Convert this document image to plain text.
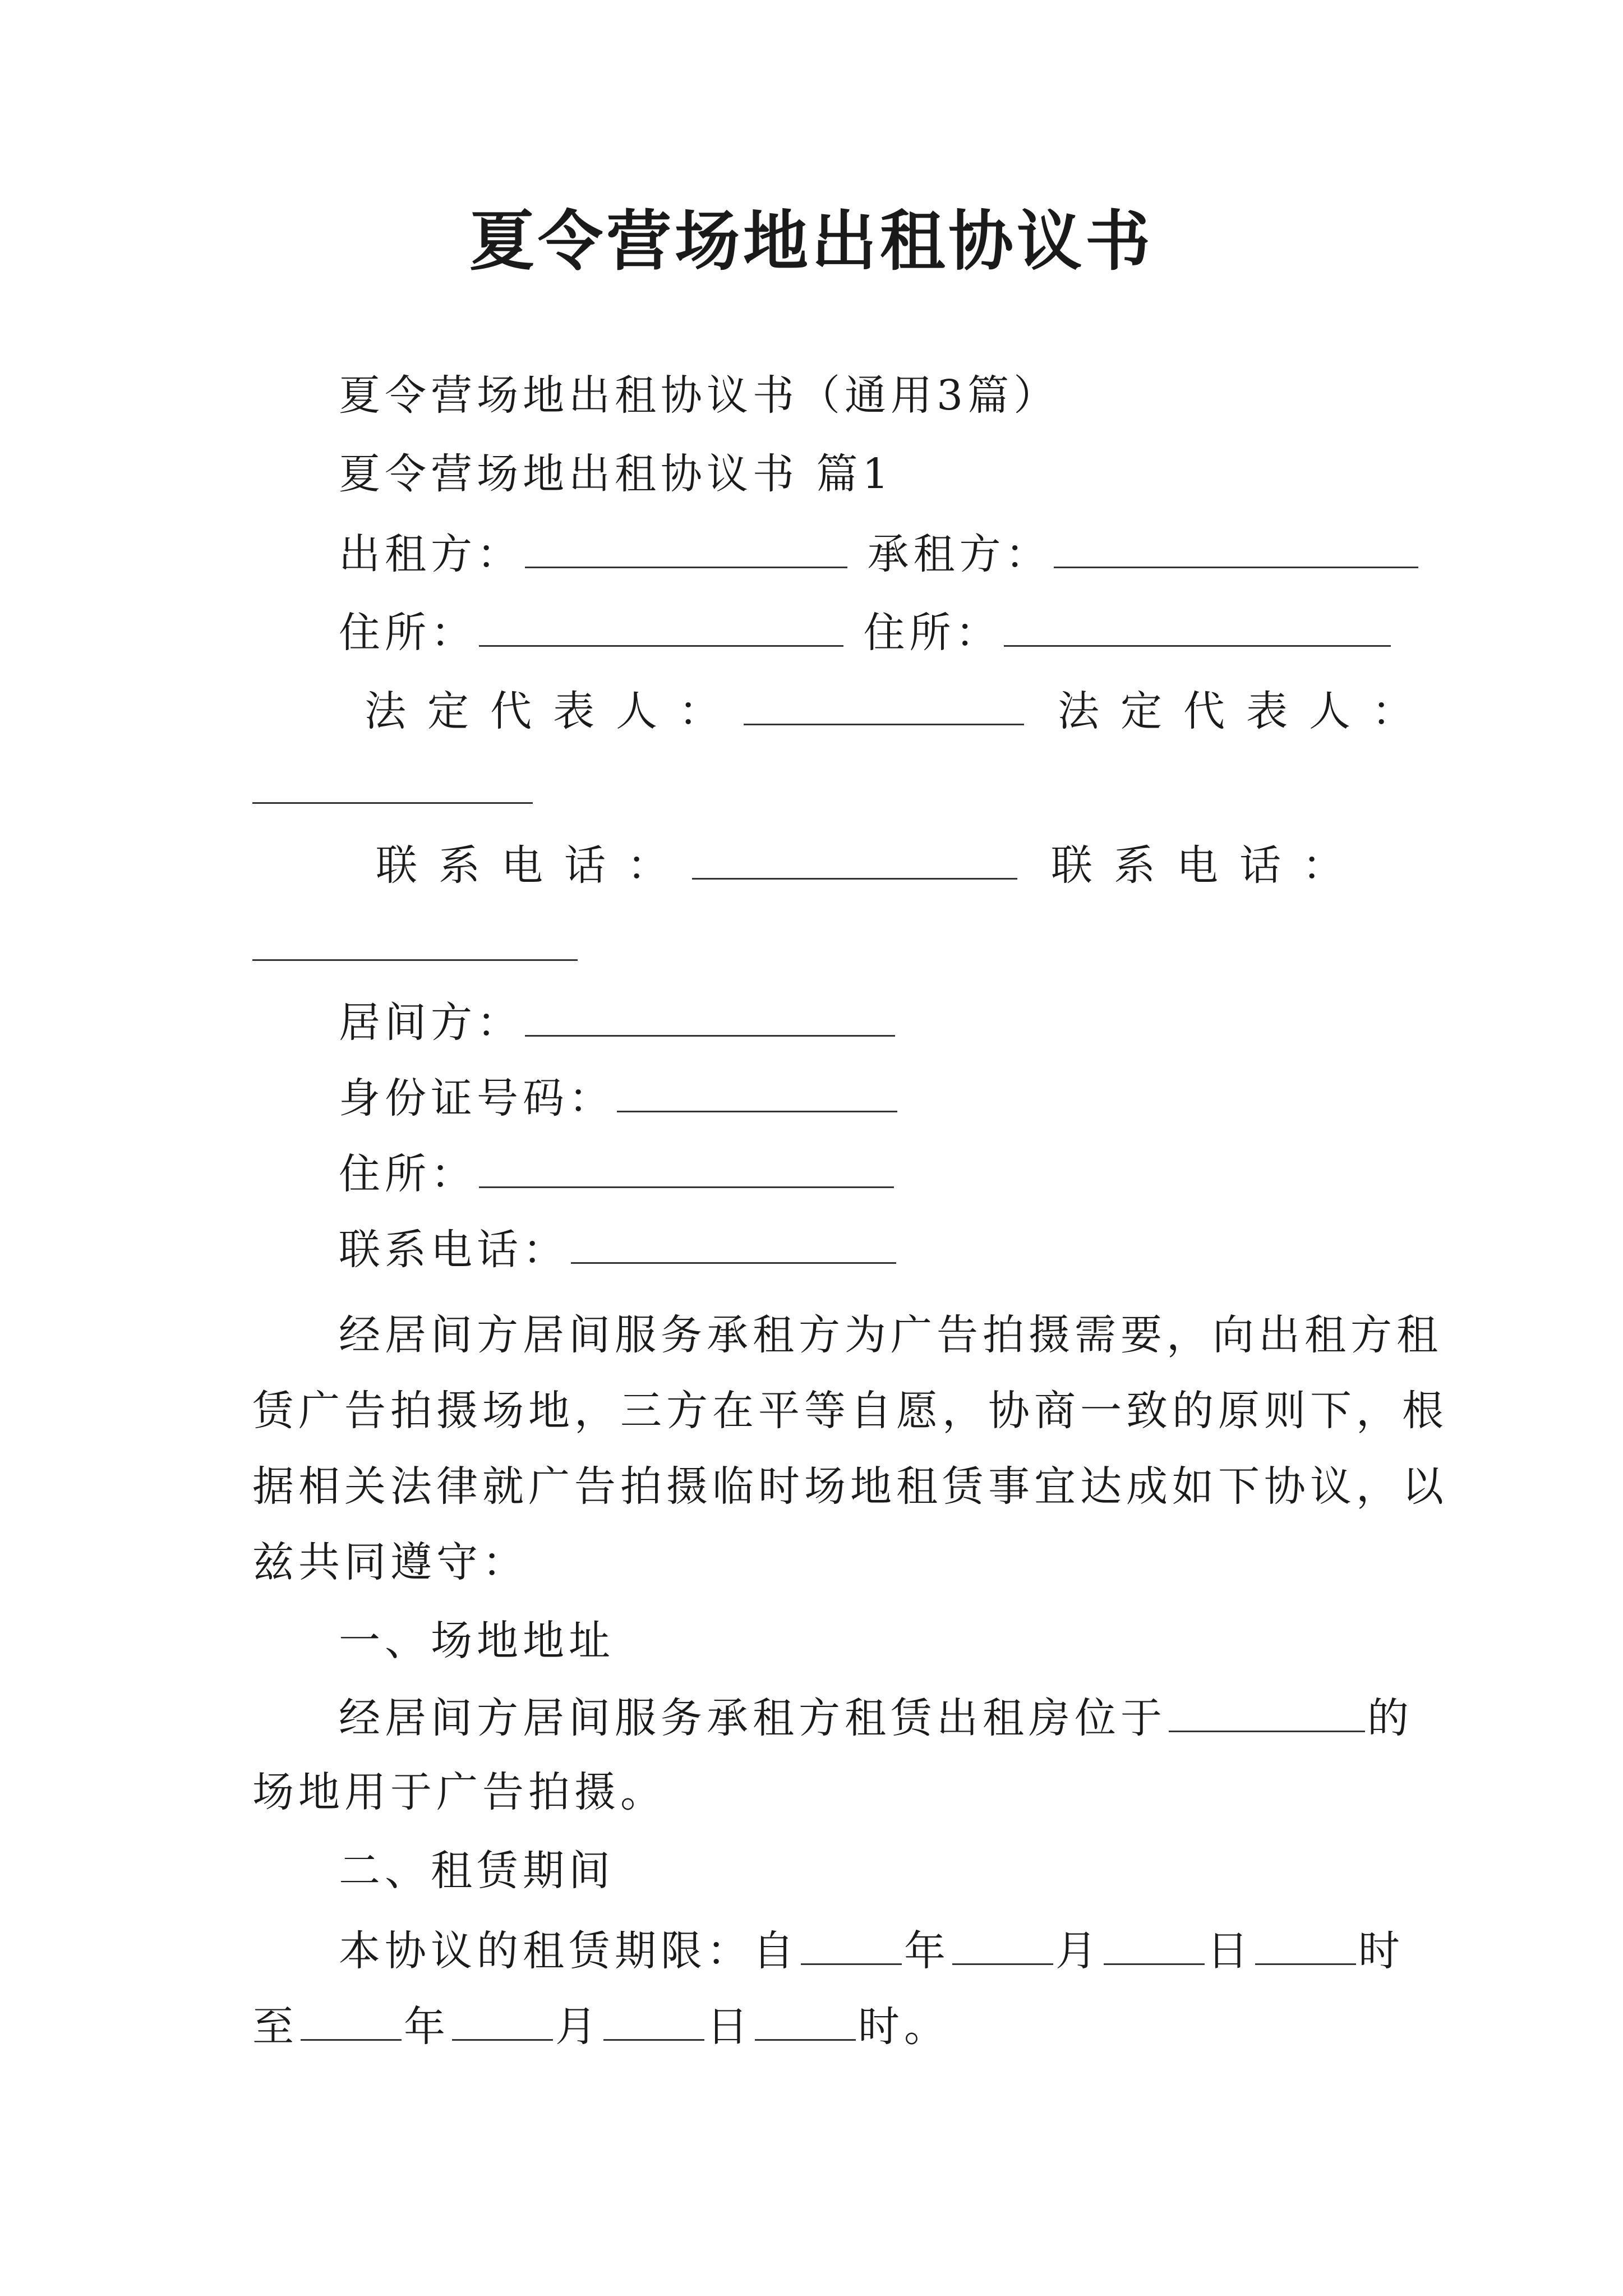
夏令营场地出租协议书
夏令营场地出租协议书（通用3篇）
夏令营场地出租协议书 篇1
出租方：	承租方：
住所：	住所：
法定代表人：	法定代表人：
联系电话：	联系电话：
居间方：
身份证号码：
住所：
联系电话：
经居间方居间服务承租方为广告拍摄需要，向出租方租
赁广告拍摄场地，三方在平等自愿，协商一致的原则下，根
据相关法律就广告拍摄临时场地租赁事宜达成如下协议，以
兹共同遵守：
一、场地地址
经居间方居间服务承租方租赁出租房位于	的
场地用于广告拍摄。
二、租赁期间
本协议的租赁期限：自	年	月	日	时
至	年	月	日	时。
